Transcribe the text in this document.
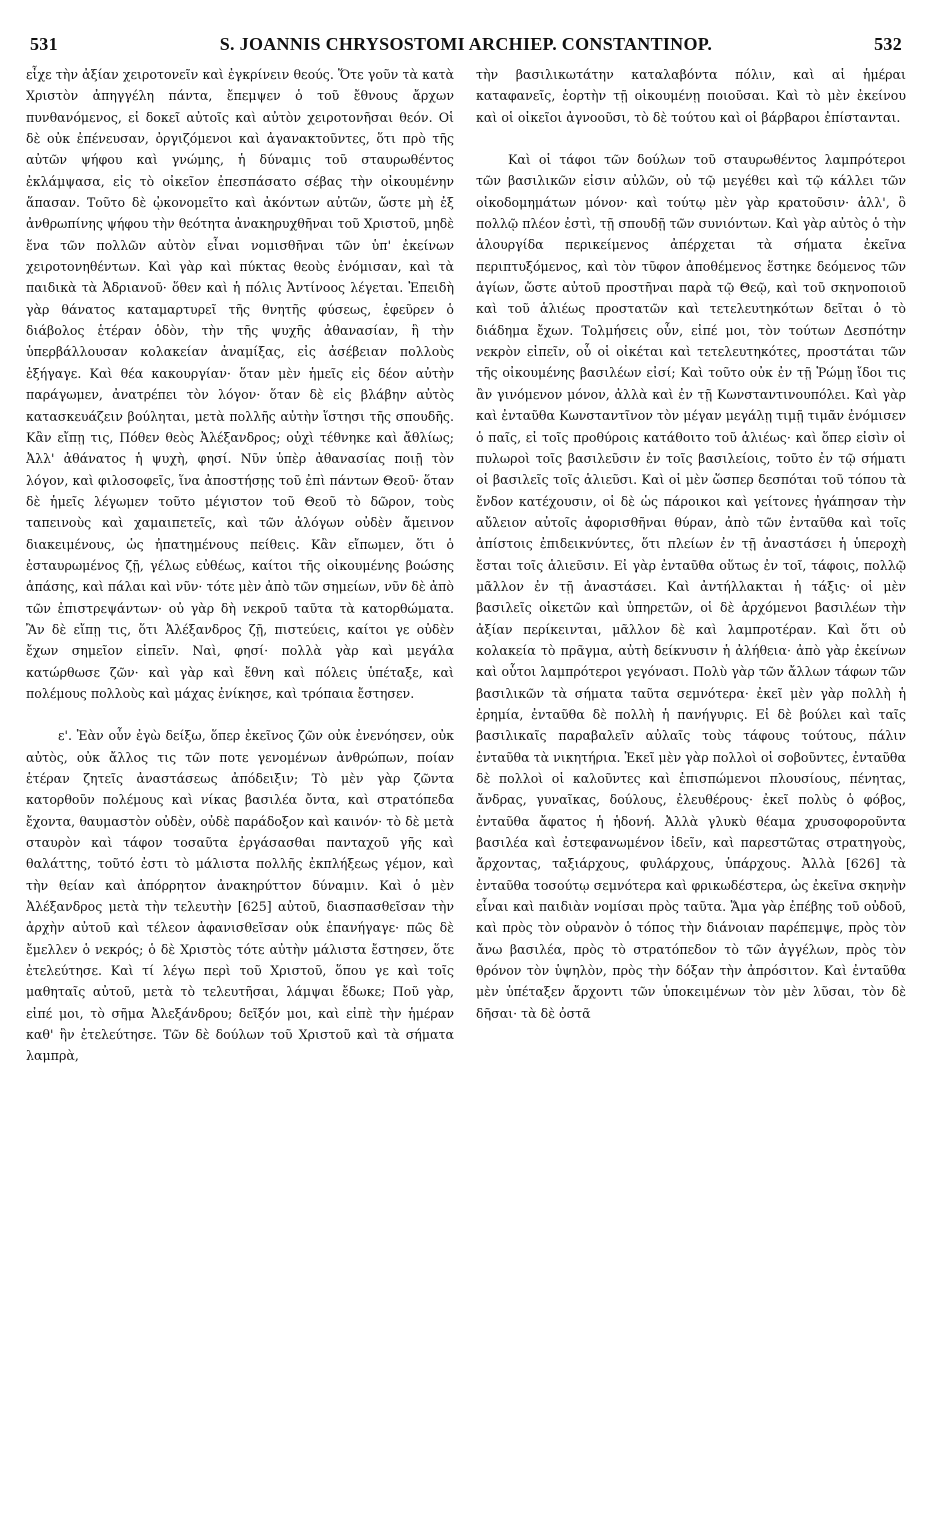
531	S. JOANNIS CHRYSOSTOMI ARCHIEP. CONSTANTINOP.	532

εἶχε τὴν ἀξίαν χειροτονεῖν καὶ ἐγκρίνειν θεούς. Ὅτε γοῦν τὰ κατὰ Χριστὸν ἀπηγγέλη πάντα, ἔπεμψεν ὁ τοῦ ἔθνους ἄρχων πυνθανόμενος, εἰ δοκεῖ αὐτοῖς καὶ αὐτὸν χειροτονῆσαι θεόν. Οἱ δὲ οὐκ ἐπένευσαν, ὀργιζόμενοι καὶ ἀγανακτοῦντες, ὅτι πρὸ τῆς αὐτῶν ψήφου καὶ γνώμης, ἡ δύναμις τοῦ σταυρωθέντος ἐκλάμψασα, εἰς τὸ οἰκεῖον ἐπεσπάσατο σέβας τὴν οἰκουμένην ἅπασαν. Τοῦτο δὲ ᾠκονομεῖτο καὶ ἀκόντων αὐτῶν, ὥστε μὴ ἐξ ἀνθρωπίνης ψήφου τὴν θεότητα ἀνακηρυχθῆναι τοῦ Χριστοῦ, μηδὲ ἕνα τῶν πολλῶν αὐτὸν εἶναι νομισθῆναι τῶν ὑπ' ἐκείνων χειροτονηθέντων. Καὶ γὰρ καὶ πύκτας θεοὺς ἐνόμισαν, καὶ τὰ παιδικὰ τὰ Ἀδριανοῦ· ὅθεν καὶ ἡ πόλις Ἀντίνοος λέγεται. Ἐπειδὴ γὰρ θάνατος καταμαρτυρεῖ τῆς θνητῆς φύσεως, ἐφεῦρεν ὁ διάβολος ἑτέραν ὁδὸν, τὴν τῆς ψυχῆς ἀθανασίαν, ἣ τὴν ὑπερβάλλουσαν κολακείαν ἀναμίξας, εἰς ἀσέβειαν πολλοὺς ἐξήγαγε. Καὶ θέα κακουργίαν· ὅταν μὲν ἡμεῖς εἰς δέον αὐτὴν παράγωμεν, ἀνατρέπει τὸν λόγον· ὅταν δὲ εἰς βλάβην αὐτὸς κατασκευάζειν βούληται, μετὰ πολλῆς αὐτὴν ἵστησι τῆς σπουδῆς. Κἂν εἴπῃ τις, Πόθεν θεὸς Ἀλέξανδρος; οὐχὶ τέθνηκε καὶ ἄθλίως; Ἀλλ' ἀθάνατος ἡ ψυχὴ, φησί. Νῦν ὑπὲρ ἀθανασίας ποιῇ τὸν λόγον, καὶ φιλοσοφεῖς, ἵνα ἀποστήσῃς τοῦ ἐπὶ πάντων Θεοῦ· ὅταν δὲ ἡμεῖς λέγωμεν τοῦτο μέγιστον τοῦ Θεοῦ τὸ δῶρον, τοὺς ταπεινοὺς καὶ χαμαιπετεῖς, καὶ τῶν ἀλόγων οὐδὲν ἄμεινον διακειμένους, ὡς ἠπατημένους πείθεις. Κἂν εἴπωμεν, ὅτι ὁ ἐσταυρωμένος ζῇ, γέλως εὐθέως, καίτοι τῆς οἰκουμένης βοώσης ἁπάσης, καὶ πάλαι καὶ νῦν· τότε μὲν ἀπὸ τῶν σημείων, νῦν δὲ ἀπὸ τῶν ἐπιστρεψάντων· οὐ γὰρ δὴ νεκροῦ ταῦτα τὰ κατορθώματα. Ἂν δὲ εἴπῃ τις, ὅτι Ἀλέξανδρος ζῇ, πιστεύεις, καίτοι γε οὐδὲν ἔχων σημεῖον εἰπεῖν. Ναὶ, φησί· πολλὰ γὰρ καὶ μεγάλα κατώρθωσε ζῶν· καὶ γὰρ καὶ ἔθνη καὶ πόλεις ὑπέταξε, καὶ πολέμους πολλοὺς καὶ μάχας ἐνίκησε, καὶ τρόπαια ἔστησεν.

ε'. Ἐὰν οὖν ἐγὼ δείξω, ὅπερ ἐκεῖνος ζῶν οὐκ ἐνενόησεν, οὐκ αὐτὸς, οὐκ ἄλλος τις τῶν ποτε γενομένων ἀνθρώπων, ποίαν ἑτέραν ζητεῖς ἀναστάσεως ἀπόδειξιν; Τὸ μὲν γὰρ ζῶντα κατορθοῦν πολέμους καὶ νίκας βασιλέα ὄντα, καὶ στρατόπεδα ἔχοντα, θαυμαστὸν οὐδὲν, οὐδὲ παράδοξον καὶ καινόν· τὸ δὲ μετὰ σταυρὸν καὶ τάφον τοσαῦτα ἐργάσασθαι πανταχοῦ γῆς καὶ θαλάττης, τοῦτό ἐστι τὸ μάλιστα πολλῆς ἐκπλήξεως γέμον, καὶ τὴν θείαν καὶ ἀπόρρητον ἀνακηρύττον δύναμιν. Καὶ ὁ μὲν Ἀλέξανδρος μετὰ τὴν τελευτὴν [625] αὐτοῦ, διασπασθεῖσαν τὴν ἀρχὴν αὐτοῦ καὶ τέλεον ἀφανισθεῖσαν οὐκ ἐπανήγαγε· πῶς δὲ ἔμελλεν ὁ νεκρός; ὁ δὲ Χριστὸς τότε αὐτὴν μάλιστα ἔστησεν, ὅτε ἐτελεύτησε. Καὶ τί λέγω περὶ τοῦ Χριστοῦ, ὅπου γε καὶ τοῖς μαθηταῖς αὐτοῦ, μετὰ τὸ τελευτῆσαι, λάμψαι ἔδωκε; Ποῦ γὰρ, εἰπέ μοι, τὸ σῆμα Ἀλεξάνδρου; δεῖξόν μοι, καὶ εἰπὲ τὴν ἡμέραν καθ' ἣν ἐτελεύτησε. Τῶν δὲ δούλων τοῦ Χριστοῦ καὶ τὰ σήματα λαμπρὰ,

τὴν βασιλικωτάτην καταλαβόντα πόλιν, καὶ αἱ ἡμέραι καταφανεῖς, ἑορτὴν τῇ οἰκουμένῃ ποιοῦσαι. Καὶ τὸ μὲν ἐκείνου καὶ οἱ οἰκεῖοι ἀγνοοῦσι, τὸ δὲ τούτου καὶ οἱ βάρβαροι ἐπίστανται.

Καὶ οἱ τάφοι τῶν δούλων τοῦ σταυρωθέντος λαμπρότεροι τῶν βασιλικῶν εἰσιν αὐλῶν, οὐ τῷ μεγέθει καὶ τῷ κάλλει τῶν οἰκοδομημάτων μόνον· καὶ τούτῳ μὲν γὰρ κρατοῦσιν· ἀλλ', ὃ πολλῷ πλέον ἐστὶ, τῇ σπουδῇ τῶν συνιόντων. Καὶ γὰρ αὐτὸς ὁ τὴν ἁλουργίδα περικείμενος ἀπέρχεται τὰ σήματα ἐκεῖνα περιπτυξόμενος, καὶ τὸν τῦφον ἀποθέμενος ἕστηκε δεόμενος τῶν ἁγίων, ὥστε αὐτοῦ προστῆναι παρὰ τῷ Θεῷ, καὶ τοῦ σκηνοποιοῦ καὶ τοῦ ἁλιέως προστατῶν καὶ τετελευτηκότων δεῖται ὁ τὸ διάδημα ἔχων. Τολμήσεις οὖν, εἰπέ μοι, τὸν τούτων Δεσπότην νεκρὸν εἰπεῖν, οὗ οἱ οἰκέται καὶ τετελευτηκότες, προστάται τῶν τῆς οἰκουμένης βασιλέων εἰσί; Καὶ τοῦτο οὐκ ἐν τῇ Ῥώμῃ ἴδοι τις ἂν γινόμενον μόνον, ἀλλὰ καὶ ἐν τῇ Κωνσταντινουπόλει. Καὶ γὰρ καὶ ἐνταῦθα Κωνσταντῖνον τὸν μέγαν μεγάλῃ τιμῇ τιμᾶν ἐνόμισεν ὁ παῖς, εἰ τοῖς προθύροις κατάθοιτο τοῦ ἁλιέως· καὶ ὅπερ εἰσὶν οἱ πυλωροὶ τοῖς βασιλεῦσιν ἐν τοῖς βασιλείοις, τοῦτο ἐν τῷ σήματι οἱ βασιλεῖς τοῖς ἁλιεῦσι. Καὶ οἱ μὲν ὥσπερ δεσπόται τοῦ τόπου τὰ ἔνδον κατέχουσιν, οἱ δὲ ὡς πάροικοι καὶ γείτονες ἠγάπησαν τὴν αὔλειον αὐτοῖς ἀφορισθῆναι θύραν, ἀπὸ τῶν ἐνταῦθα καὶ τοῖς ἀπίστοις ἐπιδεικνύντες, ὅτι πλείων ἐν τῇ ἀναστάσει ἡ ὑπεροχὴ ἔσται τοῖς ἁλιεῦσιν. Εἰ γὰρ ἐνταῦθα οὕτως ἐν τοῖ, τάφοις, πολλῷ μᾶλλον ἐν τῇ ἀναστάσει. Καὶ ἀντήλλακται ἡ τάξις· οἱ μὲν βασιλεῖς οἰκετῶν καὶ ὑπηρετῶν, οἱ δὲ ἀρχόμενοι βασιλέων τὴν ἀξίαν περίκεινται, μᾶλλον δὲ καὶ λαμπροτέραν. Καὶ ὅτι οὐ κολακεία τὸ πρᾶγμα, αὐτὴ δείκνυσιν ἡ ἀλήθεια· ἀπὸ γὰρ ἐκείνων καὶ οὗτοι λαμπρότεροι γεγόνασι. Πολὺ γὰρ τῶν ἄλλων τάφων τῶν βασιλικῶν τὰ σήματα ταῦτα σεμνότερα· ἐκεῖ μὲν γὰρ πολλὴ ἡ ἐρημία, ἐνταῦθα δὲ πολλὴ ἡ πανήγυρις. Εἰ δὲ βούλει καὶ ταῖς βασιλικαῖς παραβαλεῖν αὐλαῖς τοὺς τάφους τούτους, πάλιν ἐνταῦθα τὰ νικητήρια. Ἐκεῖ μὲν γὰρ πολλοὶ οἱ σοβοῦντες, ἐνταῦθα δὲ πολλοὶ οἱ καλοῦντες καὶ ἐπισπώμενοι πλουσίους, πένητας, ἄνδρας, γυναῖκας, δούλους, ἐλευθέρους· ἐκεῖ πολὺς ὁ φόβος, ἐνταῦθα ἄφατος ἡ ἡδονή. Ἀλλὰ γλυκὺ θέαμα χρυσοφοροῦντα βασιλέα καὶ ἐστεφανωμένον ἰδεῖν, καὶ παρεστῶτας στρατηγοὺς, ἄρχοντας, ταξιάρχους, φυλάρχους, ὑπάρχους. Ἀλλὰ [626] τὰ ἐνταῦθα τοσούτῳ σεμνότερα καὶ φρικωδέστερα, ὡς ἐκεῖνα σκηνὴν εἶναι καὶ παιδιὰν νομίσαι πρὸς ταῦτα. Ἅμα γὰρ ἐπέβης τοῦ οὐδοῦ, καὶ πρὸς τὸν οὐρανὸν ὁ τόπος τὴν διάνοιαν παρέπεμψε, πρὸς τὸν ἄνω βασιλέα, πρὸς τὸ στρατόπεδον τὸ τῶν ἀγγέλων, πρὸς τὸν θρόνον τὸν ὑψηλὸν, πρὸς τὴν δόξαν τὴν ἀπρόσιτον. Καὶ ἐνταῦθα μὲν ὑπέταξεν ἄρχοντι τῶν ὑποκειμένων τὸν μὲν λῦσαι, τὸν δὲ δῆσαι· τὰ δὲ ὀστᾶ
